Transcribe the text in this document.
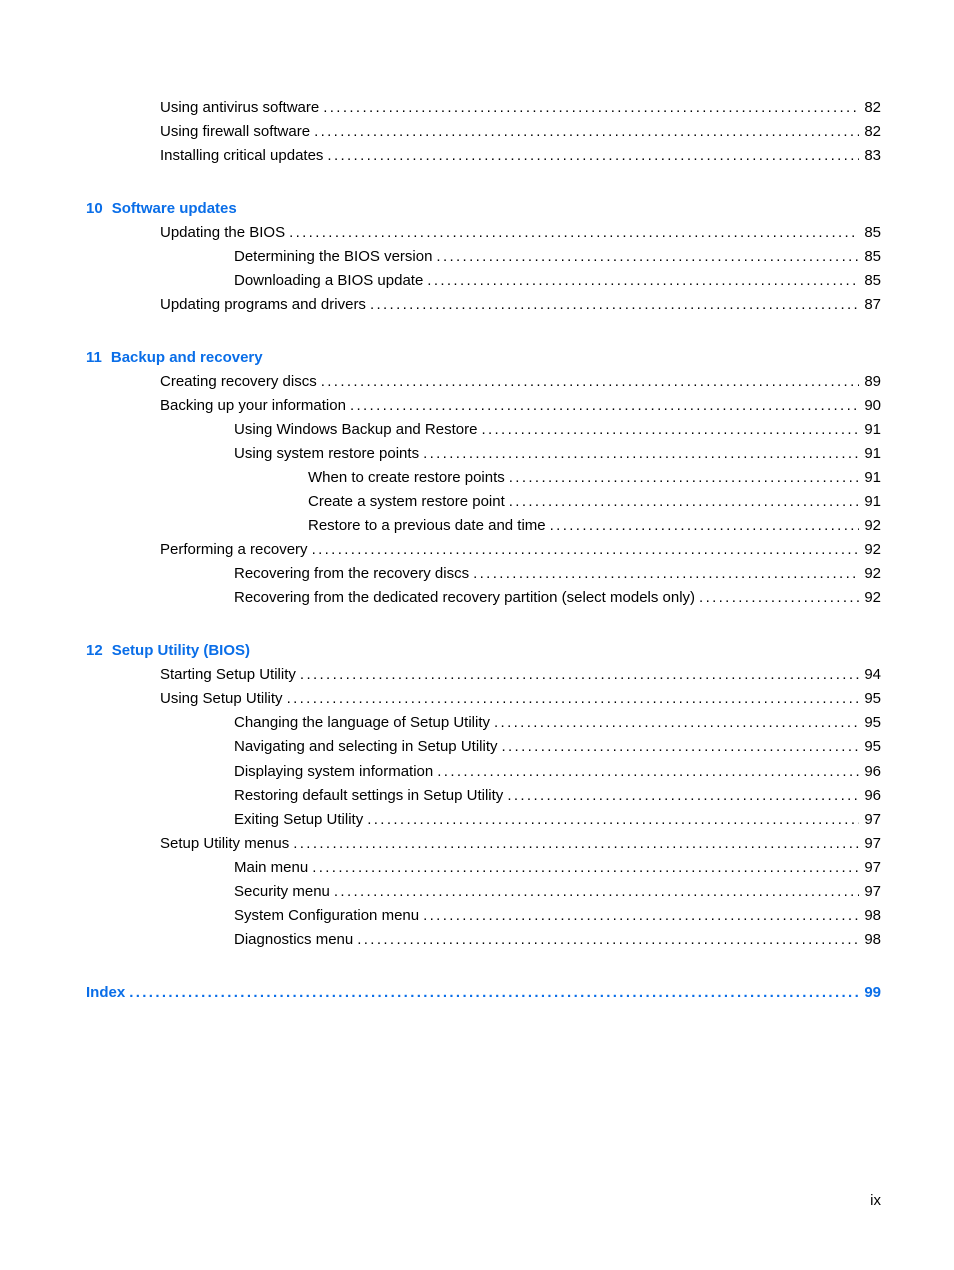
Using antivirus software . . .	82
Using firewall software . . .	82
Installing critical updates . . .	83
10 Software updates
Updating the BIOS . . .	85
Determining the BIOS version . . .	85
Downloading a BIOS update . . .	85
Updating programs and drivers . . .	87
11 Backup and recovery
Creating recovery discs . . .	89
Backing up your information . . .	90
Using Windows Backup and Restore . . .	91
Using system restore points . . .	91
When to create restore points . . .	91
Create a system restore point . . .	91
Restore to a previous date and time . . .	92
Performing a recovery . . .	92
Recovering from the recovery discs . . .	92
Recovering from the dedicated recovery partition (select models only) . . .	92
12 Setup Utility (BIOS)
Starting Setup Utility . . .	94
Using Setup Utility . . .	95
Changing the language of Setup Utility . . .	95
Navigating and selecting in Setup Utility . . .	95
Displaying system information . . .	96
Restoring default settings in Setup Utility . . .	96
Exiting Setup Utility . . .	97
Setup Utility menus . . .	97
Main menu . . .	97
Security menu . . .	97
System Configuration menu . . .	98
Diagnostics menu . . .	98
Index . . .	99
ix
